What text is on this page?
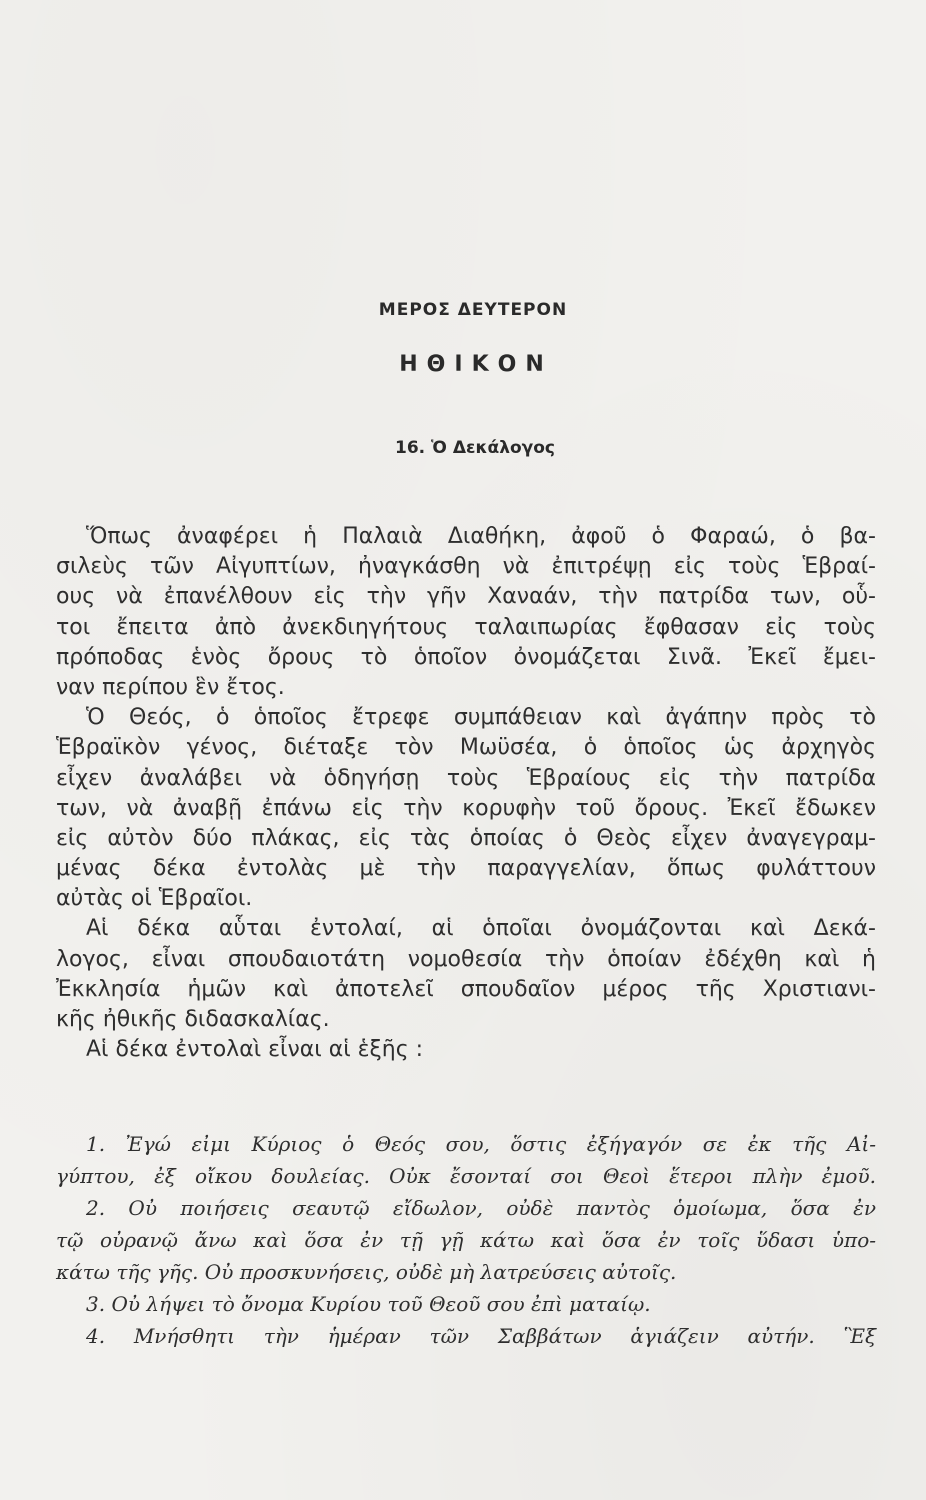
ΜΕΡΟΣ ΔΕΥΤΕΡΟΝ
ΗΘΙΚΟΝ
16. Ὁ Δεκάλογος
Ὅπως ἀναφέρει ἡ Παλαιὰ Διαθήκη, ἀφοῦ ὁ Φαραώ, ὁ βα-
σιλεὺς τῶν Αἰγυπτίων, ἠναγκάσθη νὰ ἐπιτρέψῃ εἰς τοὺς Ἑβραί-
ους νὰ ἐπανέλθουν εἰς τὴν γῆν Χαναάν, τὴν πατρίδα των, οὗ-
τοι ἔπειτα ἀπὸ ἀνεκδιηγήτους ταλαιπωρίας ἔφθασαν εἰς τοὺς
πρόποδας ἑνὸς ὄρους τὸ ὁποῖον ὀνομάζεται Σινᾶ. Ἐκεῖ ἔμει-
ναν περίπου ἓν ἔτος.
Ὁ Θεός, ὁ ὁποῖος ἔτρεφε συμπάθειαν καὶ ἀγάπην πρὸς τὸ
Ἑβραϊκὸν γένος, διέταξε τὸν Μωϋσέα, ὁ ὁποῖος ὡς ἀρχηγὸς
εἶχεν ἀναλάβει νὰ ὁδηγήσῃ τοὺς Ἑβραίους εἰς τὴν πατρίδα
των, νὰ ἀναβῇ ἐπάνω εἰς τὴν κορυφὴν τοῦ ὄρους. Ἐκεῖ ἔδωκεν
εἰς αὐτὸν δύο πλάκας, εἰς τὰς ὁποίας ὁ Θεὸς εἶχεν ἀναγεγραμ-
μένας δέκα ἐντολὰς μὲ τὴν παραγγελίαν, ὅπως φυλάττουν
αὐτὰς οἱ Ἑβραῖοι.
Αἱ δέκα αὗται ἐντολαί, αἱ ὁποῖαι ὀνομάζονται καὶ Δεκά-
λογος, εἶναι σπουδαιοτάτη νομοθεσία τὴν ὁποίαν ἐδέχθη καὶ ἡ
Ἐκκλησία ἡμῶν καὶ ἀποτελεῖ σπουδαῖον μέρος τῆς Χριστιανι-
κῆς ἠθικῆς διδασκαλίας.
Αἱ δέκα ἐντολαὶ εἶναι αἱ ἑξῆς :
1. Ἐγώ εἰμι Κύριος ὁ Θεός σου, ὅστις ἐξήγαγόν σε ἐκ τῆς Αἰ-
γύπτου, ἐξ οἴκου δουλείας. Οὐκ ἔσονταί σοι Θεοὶ ἕτεροι πλὴν ἐμοῦ.
2. Οὐ ποιήσεις σεαυτῷ εἴδωλον, οὐδὲ παντὸς ὁμοίωμα, ὅσα ἐν
τῷ οὐρανῷ ἄνω καὶ ὅσα ἐν τῇ γῇ κάτω καὶ ὅσα ἐν τοῖς ὕδασι ὑπο-
κάτω τῆς γῆς. Οὐ προσκυνήσεις, οὐδὲ μὴ λατρεύσεις αὐτοῖς.
3. Οὐ λήψει τὸ ὄνομα Κυρίου τοῦ Θεοῦ σου ἐπὶ ματαίῳ.
4. Μνήσθητι τὴν ἡμέραν τῶν Σαββάτων ἁγιάζειν αὐτήν. Ἓξ
